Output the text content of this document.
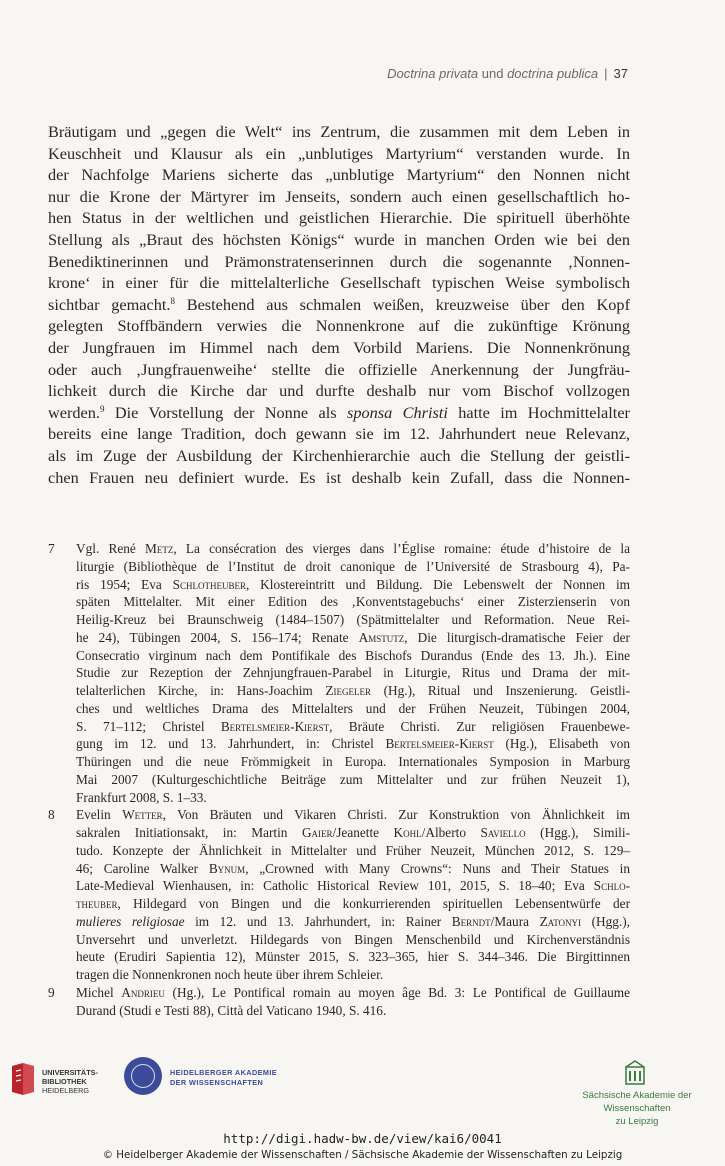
Doctrina privata und doctrina publica | 37
Bräutigam und „gegen die Welt“ ins Zentrum, die zusammen mit dem Leben in
Keuschheit und Klausur als ein „unblutiges Martyrium“ verstanden wurde. In
der Nachfolge Mariens sicherte das „unblutige Martyrium“ den Nonnen nicht
nur die Krone der Märtyrer im Jenseits, sondern auch einen gesellschaftlich ho-
hen Status in der weltlichen und geistlichen Hierarchie. Die spirituell überhöhte
Stellung als „Braut des höchsten Königs“ wurde in manchen Orden wie bei den
Benediktinerinnen und Prämonstratenserinnen durch die sogenannte ‚Nonnen-
krone‘ in einer für die mittelalterliche Gesellschaft typischen Weise symbolisch
sichtbar gemacht.$^8$ Bestehend aus schmalen weißen, kreuzweise über den Kopf
gelegten Stoffbändern verwies die Nonnenkrone auf die zukünftige Krönung
der Jungfrauen im Himmel nach dem Vorbild Mariens. Die Nonnenkrönung
oder auch ‚Jungfrauenweihe‘ stellte die offizielle Anerkennung der Jungfräu-
lichkeit durch die Kirche dar und durfte deshalb nur vom Bischof vollzogen
werden.$^9$ Die Vorstellung der Nonne als sponsa Christi hatte im Hochmittelalter
bereits eine lange Tradition, doch gewann sie im 12. Jahrhundert neue Relevanz,
als im Zuge der Ausbildung der Kirchenhierarchie auch die Stellung der geistli-
chen Frauen neu definiert wurde. Es ist deshalb kein Zufall, dass die Nonnen-
7 Vgl. René Metz, La consécration des vierges dans l’Église romaine: étude d’histoire de la
liturgie (Bibliothèque de l’Institut de droit canonique de l’Université de Strasbourg 4), Pa-
ris 1954; Eva Schlotheuber, Klostereintritt und Bildung. Die Lebenswelt der Nonnen im
späten Mittelalter. Mit einer Edition des ‚Konventstagebuchs‘ einer Zisterzienserin von
Heilig-Kreuz bei Braunschweig (1484–1507) (Spätmittelalter und Reformation. Neue Rei-
he 24), Tübingen 2004, S. 156–174; Renate Amstutz, Die liturgisch-dramatische Feier der
Consecratio virginum nach dem Pontifikale des Bischofs Durandus (Ende des 13. Jh.). Eine
Studie zur Rezeption der Zehnjungfrauen-Parabel in Liturgie, Ritus und Drama der mit-
telalterlichen Kirche, in: Hans-Joachim Ziegeler (Hg.), Ritual und Inszenierung. Geistli-
ches und weltliches Drama des Mittelalters und der Frühen Neuzeit, Tübingen 2004,
S. 71–112; Christel Bertelsmeier-Kierst, Bräute Christi. Zur religiösen Frauenbewe-
gung im 12. und 13. Jahrhundert, in: Christel Bertelsmeier-Kierst (Hg.), Elisabeth von
Thüringen und die neue Frömmigkeit in Europa. Internationales Symposion in Marburg
Mai 2007 (Kulturgeschichtliche Beiträge zum Mittelalter und zur frühen Neuzeit 1),
Frankfurt 2008, S. 1–33.
8 Evelin Wetter, Von Bräuten und Vikaren Christi. Zur Konstruktion von Ähnlichkeit im
sakralen Initiationsakt, in: Martin Gaier/Jeanette Kohl/Alberto Saviello (Hgg.), Simili-
tudo. Konzepte der Ähnlichkeit in Mittelalter und Früher Neuzeit, München 2012, S. 129–
46; Caroline Walker Bynum, „Crowned with Many Crowns“: Nuns and Their Statues in
Late-Medieval Wienhausen, in: Catholic Historical Review 101, 2015, S. 18–40; Eva Schlo-
theuber, Hildegard von Bingen und die konkurrierenden spirituellen Lebensentwürfe der
mulieres religiosae im 12. und 13. Jahrhundert, in: Rainer Berndt/Maura Zatonyi (Hgg.),
Unversehrt und unverletzt. Hildegards von Bingen Menschenbild und Kirchenverständnis
heute (Erudiri Sapientia 12), Münster 2015, S. 323–365, hier S. 344–346. Die Birgittinnen
tragen die Nonnenkronen noch heute über ihrem Schleier.
9 Michel Andrieu (Hg.), Le Pontifical romain au moyen âge Bd. 3: Le Pontifical de Guillaume
Durand (Studi e Testi 88), Città del Vaticano 1940, S. 416.
UNIVERSITÄTS-
BIBLIOTHEK
HEIDELBERG
HEIDELBERGER AKADEMIE
DER WISSENSCHAFTEN
Sächsische Akademie der Wissenschaften
zu Leipzig
http://digi.hadw-bw.de/view/kai6/0041
© Heidelberger Akademie der Wissenschaften / Sächsische Akademie der Wissenschaften zu Leipzig
